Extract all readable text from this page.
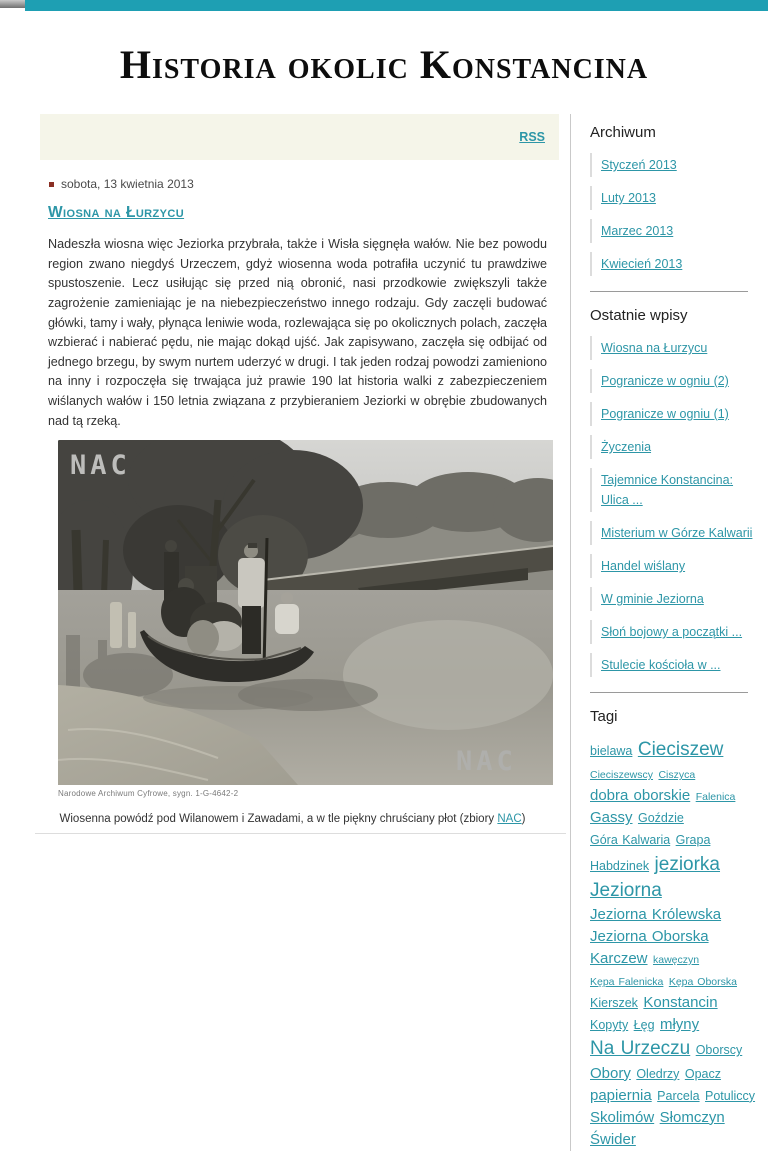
Historia okolic Konstancina
RSS
sobota, 13 kwietnia 2013
Wiosna na Łurzycu

Nadeszła wiosna więc Jeziorka przybrała, także i Wisła sięgnęła wałów. Nie bez powodu region zwano niegdyś Urzeczem, gdyż wiosenna woda potrafiła uczynić tu prawdziwe spustoszenie. Lecz usiłując się przed nią obronić, nasi przodkowie zwiększyli także zagrożenie zamieniając je na niebezpieczeństwo innego rodzaju. Gdy zaczęli budować główki, tamy i wały, płynąca leniwie woda, rozlewająca się po okolicznych polach, zaczęła wzbierać i nabierać pędu, nie mając dokąd ujść. Jak zapisywano, zaczęła się odbijać od jednego brzegu, by swym nurtem uderzyć w drugi. I tak jeden rodzaj powodzi zamieniono na inny i rozpoczęła się trwająca już prawie 190 lat historia walki z zabezpieczeniem wiślanych wałów i 150 letnia związana z przybieraniem Jeziorki w obrębie zbudowanych nad tą rzeką.

NAC
NAC
Narodowe Archiwum Cyfrowe, sygn. 1-G-4642-2
Wiosenna powódź pod Wilanowem i Zawadami, a w tle piękny chruściany płot (zbiory NAC)
Archiwum
Styczeń 2013
Luty 2013
Marzec 2013
Kwiecień 2013
Ostatnie wpisy
Wiosna na Łurzycu
Pogranicze w ogniu (2)
Pogranicze w ogniu (1)
Życzenia
Tajemnice Konstancina: Ulica ...
Misterium w Górze Kalwarii
Handel wiślany
W gminie Jeziorna
Słoń bojowy a początki ...
Stulecie kościoła w ...
Tagi
bielawa Cieciszew Cieciszewscy Ciszyca dobra oborskie Falenica Gassy Goździe Góra Kalwaria Grapa Habdzinek jeziorka Jeziorna Jeziorna Królewska Jeziorna Oborska Karczew kawęczyn Kępa Falenicka Kępa Oborska Kierszek Konstancin Kopyty Łęg młyny Na Urzeczu Oborscy Obory Oledrzy Opacz papiernia Parcela Potuliccy Skolimów Słomczyn Świder
